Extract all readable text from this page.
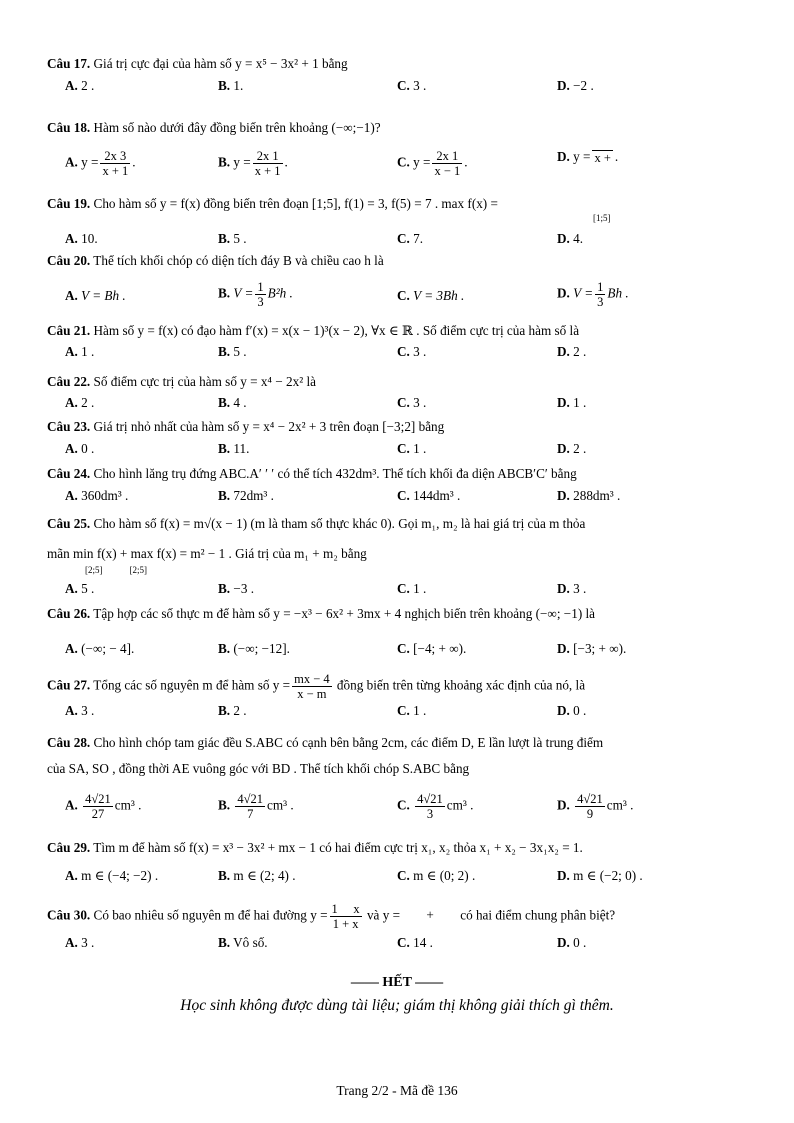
Câu 17. Giá trị cực đại của hàm số y = x⁵ − 3x² + 1 bằng
A. 2 .	B. 1.	C. 3 .	D. −2 .
Câu 18. Hàm số nào dưới đây đồng biến trên khoảng (−∞;−1)?
A. $y = \frac{2x 3}{x + 1}$ .	B. $y = \frac{2x 1}{x + 1}$ .	C. $y = \frac{2x 1}{x - 1}$ .	D. y = x + .
Câu 19. Cho hàm số y = f(x) đồng biến trên đoạn [1;5], f(1) = 3, f(5) = 7 . max f(x) =
[1;5]
A. 10.	B. 5 .	C. 7.	D. 4.
Câu 20. Thể tích khối chóp có diện tích đáy B và chiều cao h là
A. V = Bh .	B. $V = \frac{1}{3} B^2h$ .	C. V = 3Bh .	D. $V = \frac{1}{3}$ Bh .
Câu 21. Hàm số y = f(x) có đạo hàm f′(x) = x(x − 1)³(x − 2), ∀x ∈ ℝ . Số điểm cực trị của hàm số là
A. 1 .	B. 5 .	C. 3 .	D. 2 .
Câu 22. Số điểm cực trị của hàm số y = x⁴ − 2x² là
A. 2 .	B. 4 .	C. 3 .	D. 1 .
Câu 23. Giá trị nhỏ nhất của hàm số y = x⁴ − 2x² + 3 trên đoạn [−3;2] bằng
A. 0 .	B. 11.	C. 1 .	D. 2 .
Câu 24. Cho hình lăng trụ đứng ABC.A′ ′ ′ có thể tích 432dm³. Thể tích khối đa diện ABCB′C′ bằng
A. 360dm³ .	B. 72dm³ .	C. 144dm³ .	D. 288dm³ .
Câu 25. Cho hàm số f(x) = m√(x − 1) (m là tham số thực khác 0). Gọi m₁, m₂ là hai giá trị của m thỏa
mãn min f(x) + max f(x) = m² − 1 . Giá trị của m₁ + m₂ bằng
[2;5]            [2;5]
A. 5 .	B. −3 .	C. 1 .	D. 3 .
Câu 26. Tập hợp các số thực m để hàm số y = −x³ − 6x² + 3mx + 4 nghịch biến trên khoảng (−∞; −1) là
A. (−∞; − 4].	B. (−∞; −12].	C. [−4; + ∞).	D. [−3; + ∞).
Câu 27. Tổng các số nguyên m để hàm số $y = \frac{mx - 4}{x - m}$ đồng biến trên từng khoảng xác định của nó, là
A. 3 .	B. 2 .	C. 1 .	D. 0 .
Câu 28. Cho hình chóp tam giác đều S.ABC có cạnh bên bằng 2cm, các điểm D, E lần lượt là trung điểm
của SA, SO , đồng thời AE vuông góc với BD . Thể tích khối chóp S.ABC bằng
A. $\frac{4√21}{27} cm^3$ .	B. $\frac{4√21}{7} cm^3$ .	C. $\frac{4√21}{3} cm^3$ .	D. $\frac{4√21}{9} cm^3$ .
Câu 29. Tìm m để hàm số f(x) = x³ − 3x² + mx − 1 có hai điểm cực trị x₁, x₂ thỏa x₁ + x₂ − 3x₁x₂ = 1.
A. m ∈ (−4; −2) .	B. m ∈ (2; 4) .	C. m ∈ (0; 2) .	D. m ∈ (−2; 0) .
Câu 30. Có bao nhiêu số nguyên m để hai đường $y = \frac{1 x}{1 + x}$ và y =        +        có hai điểm chung phân biệt?
A. 3 .	B. Vô số.	C. 14 .	D. 0 .
—— HẾT ——
Học sinh không được dùng tài liệu; giám thị không giải thích gì thêm.
Trang 2/2 - Mã đề 136
